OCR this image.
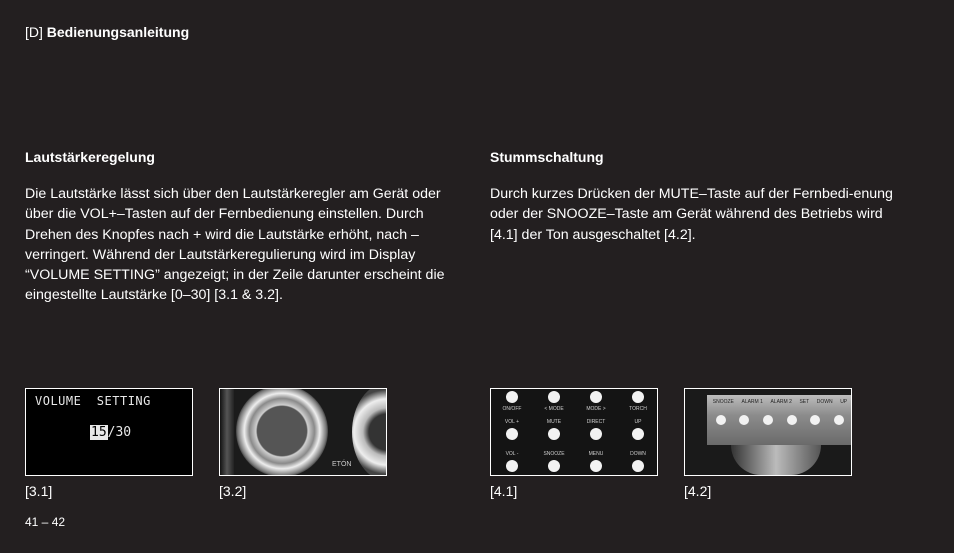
[D] Bedienungsanleitung
Lautstärkeregelung

Die Lautstärke lässt sich über den Lautstärkeregler am Gerät oder über die VOL+–Tasten auf der Fernbedienung einstellen. Durch Drehen des Knopfes nach + wird die Lautstärke erhöht, nach – verringert. Während der Lautstärkeregulierung wird im Display “VOLUME SETTING” angezeigt; in der Zeile darunter erscheint die eingestellte Lautstärke [0–30] [3.1 & 3.2].

Stummschaltung

Durch kurzes Drücken der MUTE–Taste auf der Fernbedi-enung oder der SNOOZE–Taste am Gerät während des Betriebs wird [4.1] der Ton ausgeschaltet [4.2].

VOLUME  SETTING
15/30
[3.1]
ETÓN
[3.2]
ON/OFF	< MODE	MODE >	TORCH
VOL +	MUTE	DIRECT	UP
VOL -	SNOOZE	MENU	DOWN
[4.1]
SNOOZE ALARM 1 ALARM 2 SET DOWN UP
[4.2]
41 – 42
